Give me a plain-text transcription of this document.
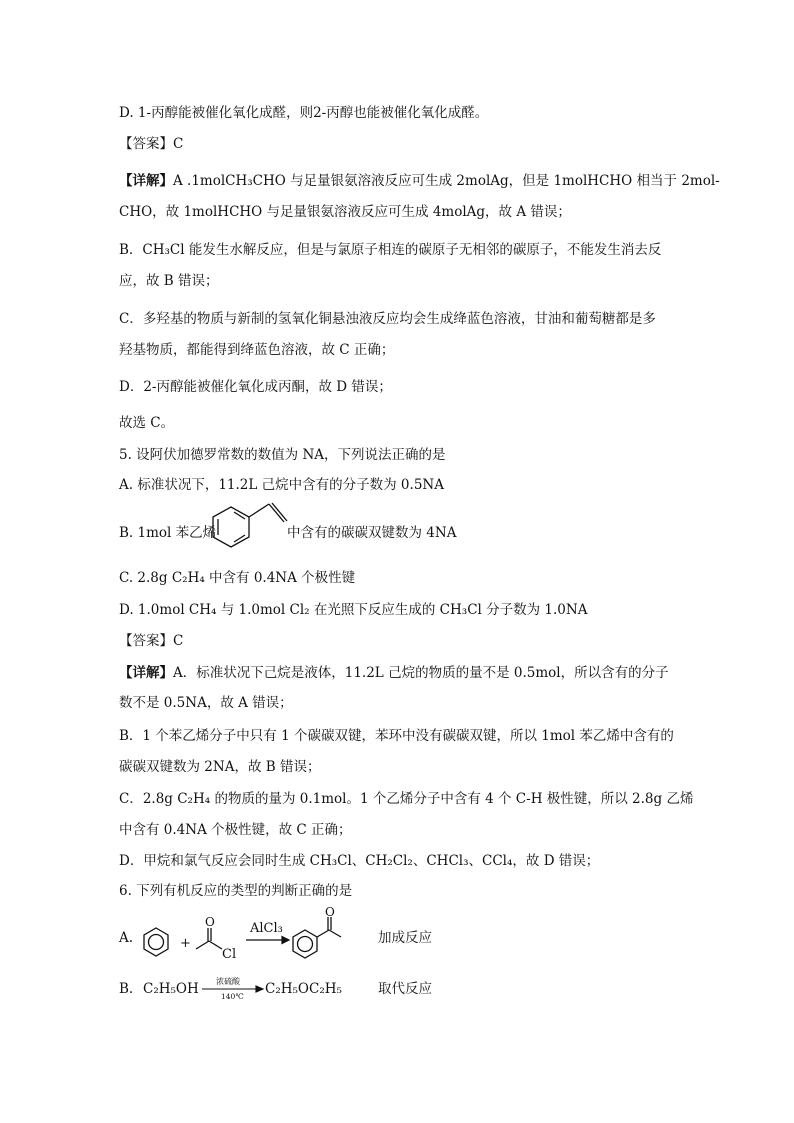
D. 1-丙醇能被催化氧化成醛，则2-丙醇也能被催化氧化成醛。
【答案】C
【详解】A .1molCH₃CHO 与足量银氨溶液反应可生成 2molAg，但是 1molHCHO 相当于 2mol-
CHO，故 1molHCHO 与足量银氨溶液反应可生成 4molAg，故 A 错误；
B．CH₃Cl 能发生水解反应，但是与氯原子相连的碳原子无相邻的碳原子，不能发生消去反
应，故 B 错误；
C．多羟基的物质与新制的氢氧化铜悬浊液反应均会生成绛蓝色溶液，甘油和葡萄糖都是多
羟基物质，都能得到绛蓝色溶液，故 C 正确；
D．2-丙醇能被催化氧化成丙酮，故 D 错误；
故选 C。
5. 设阿伏加德罗常数的数值为 NA，下列说法正确的是
A. 标准状况下，11.2L 己烷中含有的分子数为 0.5NA
B. 1mol 苯乙烯	中含有的碳碳双键数为 4NA
C. 2.8g C₂H₄ 中含有 0.4NA 个极性键
D. 1.0mol CH₄ 与 1.0mol Cl₂ 在光照下反应生成的 CH₃Cl 分子数为 1.0NA
【答案】C
【详解】A．标准状况下己烷是液体，11.2L 己烷的物质的量不是 0.5mol，所以含有的分子
数不是 0.5NA，故 A 错误；
B．1 个苯乙烯分子中只有 1 个碳碳双键，苯环中没有碳碳双键，所以 1mol 苯乙烯中含有的
碳碳双键数为 2NA，故 B 错误；
C．2.8g C₂H₄ 的物质的量为 0.1mol。1 个乙烯分子中含有 4 个 C-H 极性键，所以 2.8g 乙烯
中含有 0.4NA 个极性键，故 C 正确；
D．甲烷和氯气反应会同时生成 CH₃Cl、CH₂Cl₂、CHCl₃、CCl₄，故 D 错误；
6. 下列有机反应的类型的判断正确的是
A.	+
O
Cl
AlCl₃
O
加成反应
B. C₂H₅OH 浓硫酸
140℃ C₂H₅OC₂H₅	取代反应
